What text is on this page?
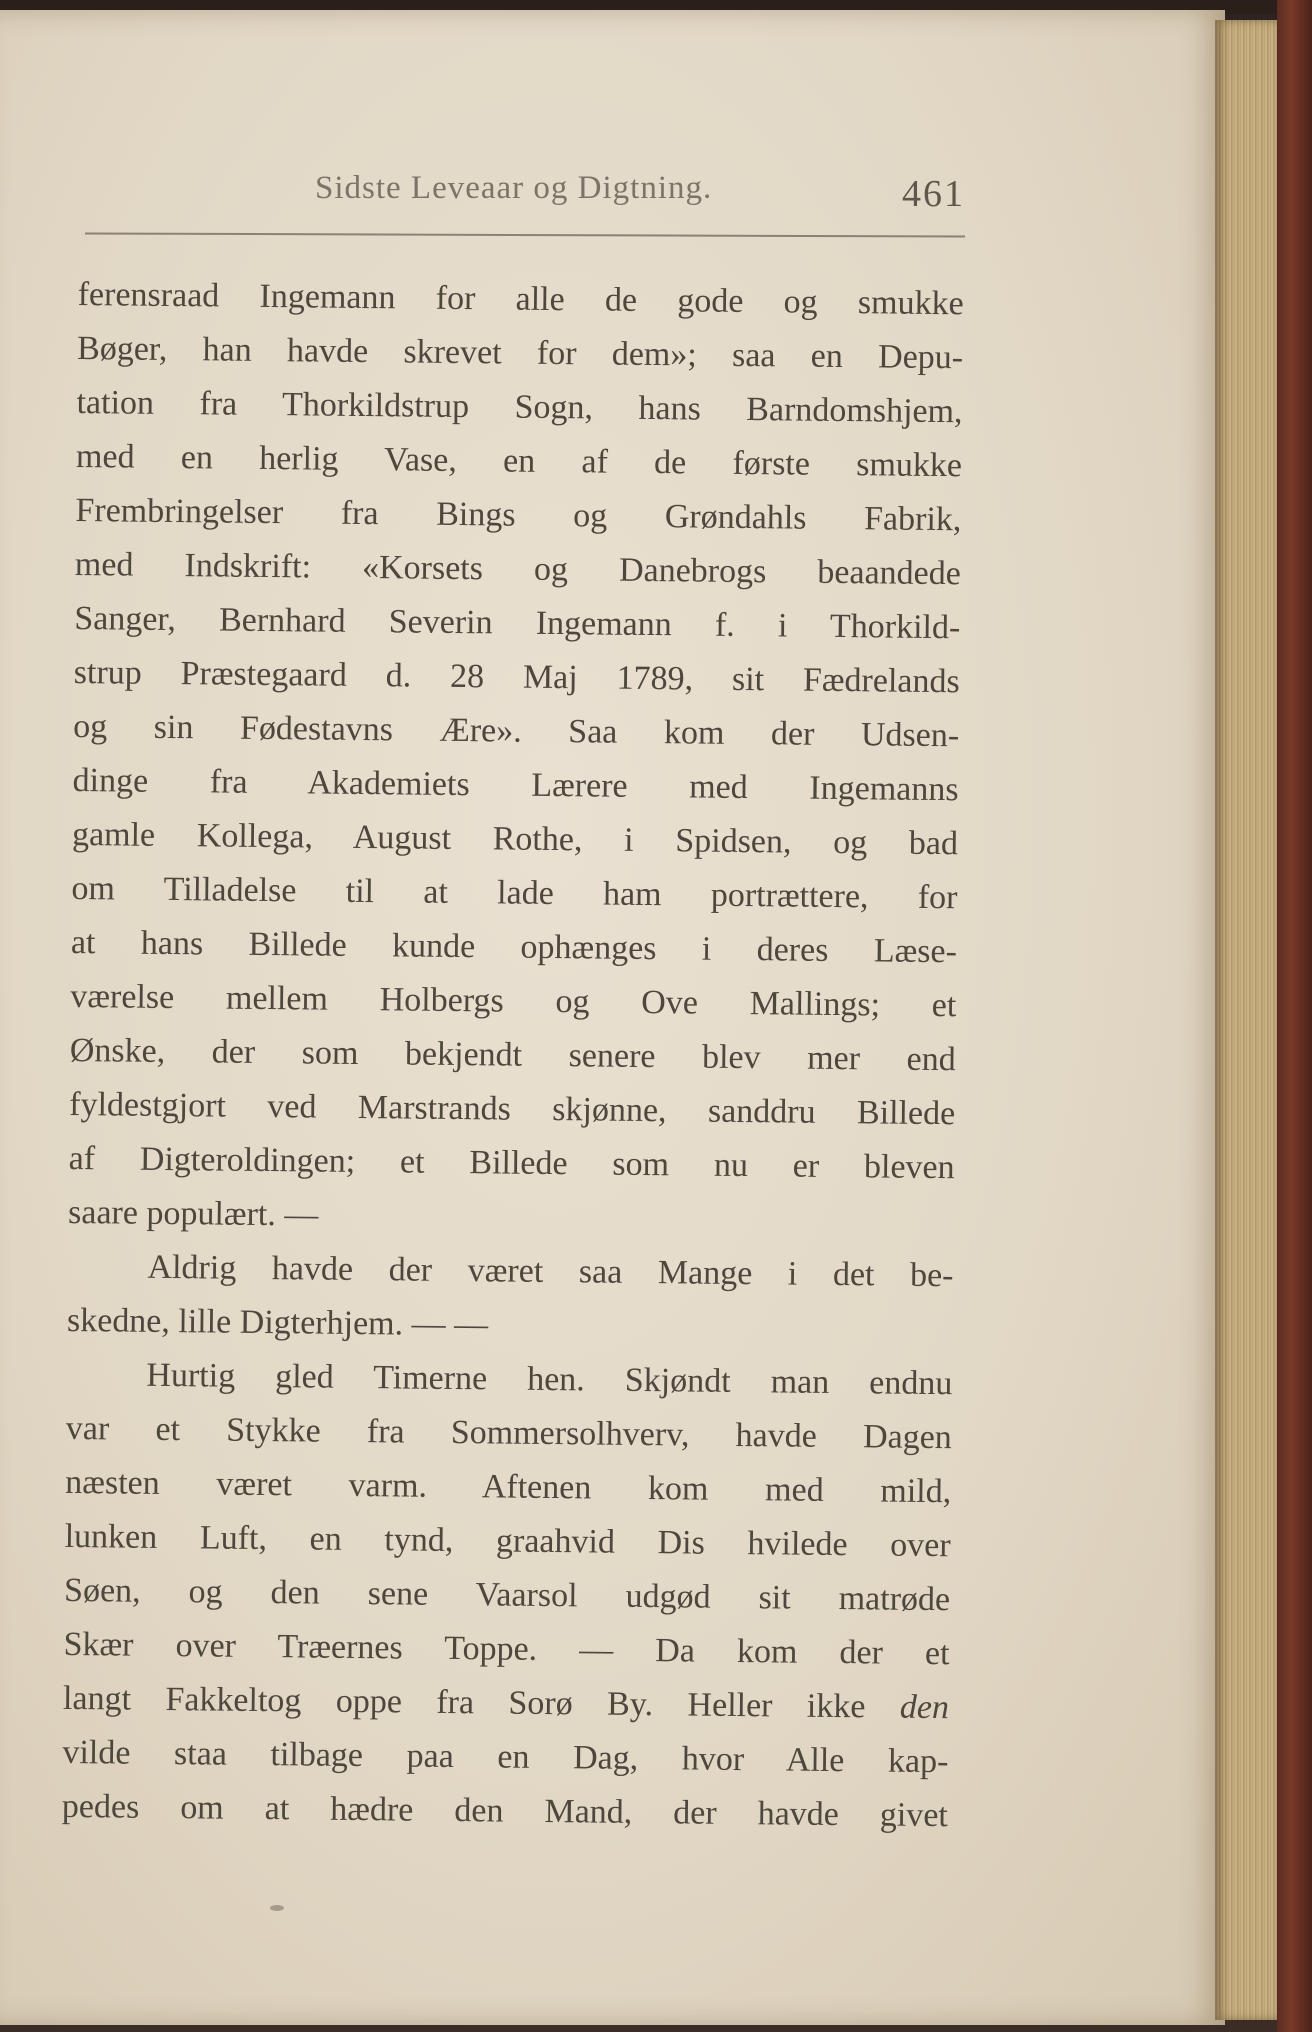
Sidste Leveaar og Digtning.	461
ferensraad Ingemann for alle de gode og smukke
Bøger, han havde skrevet for dem»; saa en Depu-
tation fra Thorkildstrup Sogn, hans Barndomshjem,
med en herlig Vase, en af de første smukke
Frembringelser fra Bings og Grøndahls Fabrik,
med Indskrift: «Korsets og Danebrogs beaandede
Sanger, Bernhard Severin Ingemann f. i Thorkild-
strup Præstegaard d. 28 Maj 1789, sit Fædrelands
og sin Fødestavns Ære». Saa kom der Udsen-
dinge fra Akademiets Lærere med Ingemanns
gamle Kollega, August Rothe, i Spidsen, og bad
om Tilladelse til at lade ham portrættere, for
at hans Billede kunde ophænges i deres Læse-
værelse mellem Holbergs og Ove Mallings; et
Ønske, der som bekjendt senere blev mer end
fyldestgjort ved Marstrands skjønne, sanddru Billede
af Digteroldingen; et Billede som nu er bleven
saare populært. —
Aldrig havde der været saa Mange i det be-
skedne, lille Digterhjem. — —
Hurtig gled Timerne hen. Skjøndt man endnu
var et Stykke fra Sommersolhverv, havde Dagen
næsten været varm. Aftenen kom med mild,
lunken Luft, en tynd, graahvid Dis hvilede over
Søen, og den sene Vaarsol udgød sit matrøde
Skær over Træernes Toppe. — Da kom der et
langt Fakkeltog oppe fra Sorø By. Heller ikke den
vilde staa tilbage paa en Dag, hvor Alle kap-
pedes om at hædre den Mand, der havde givet
